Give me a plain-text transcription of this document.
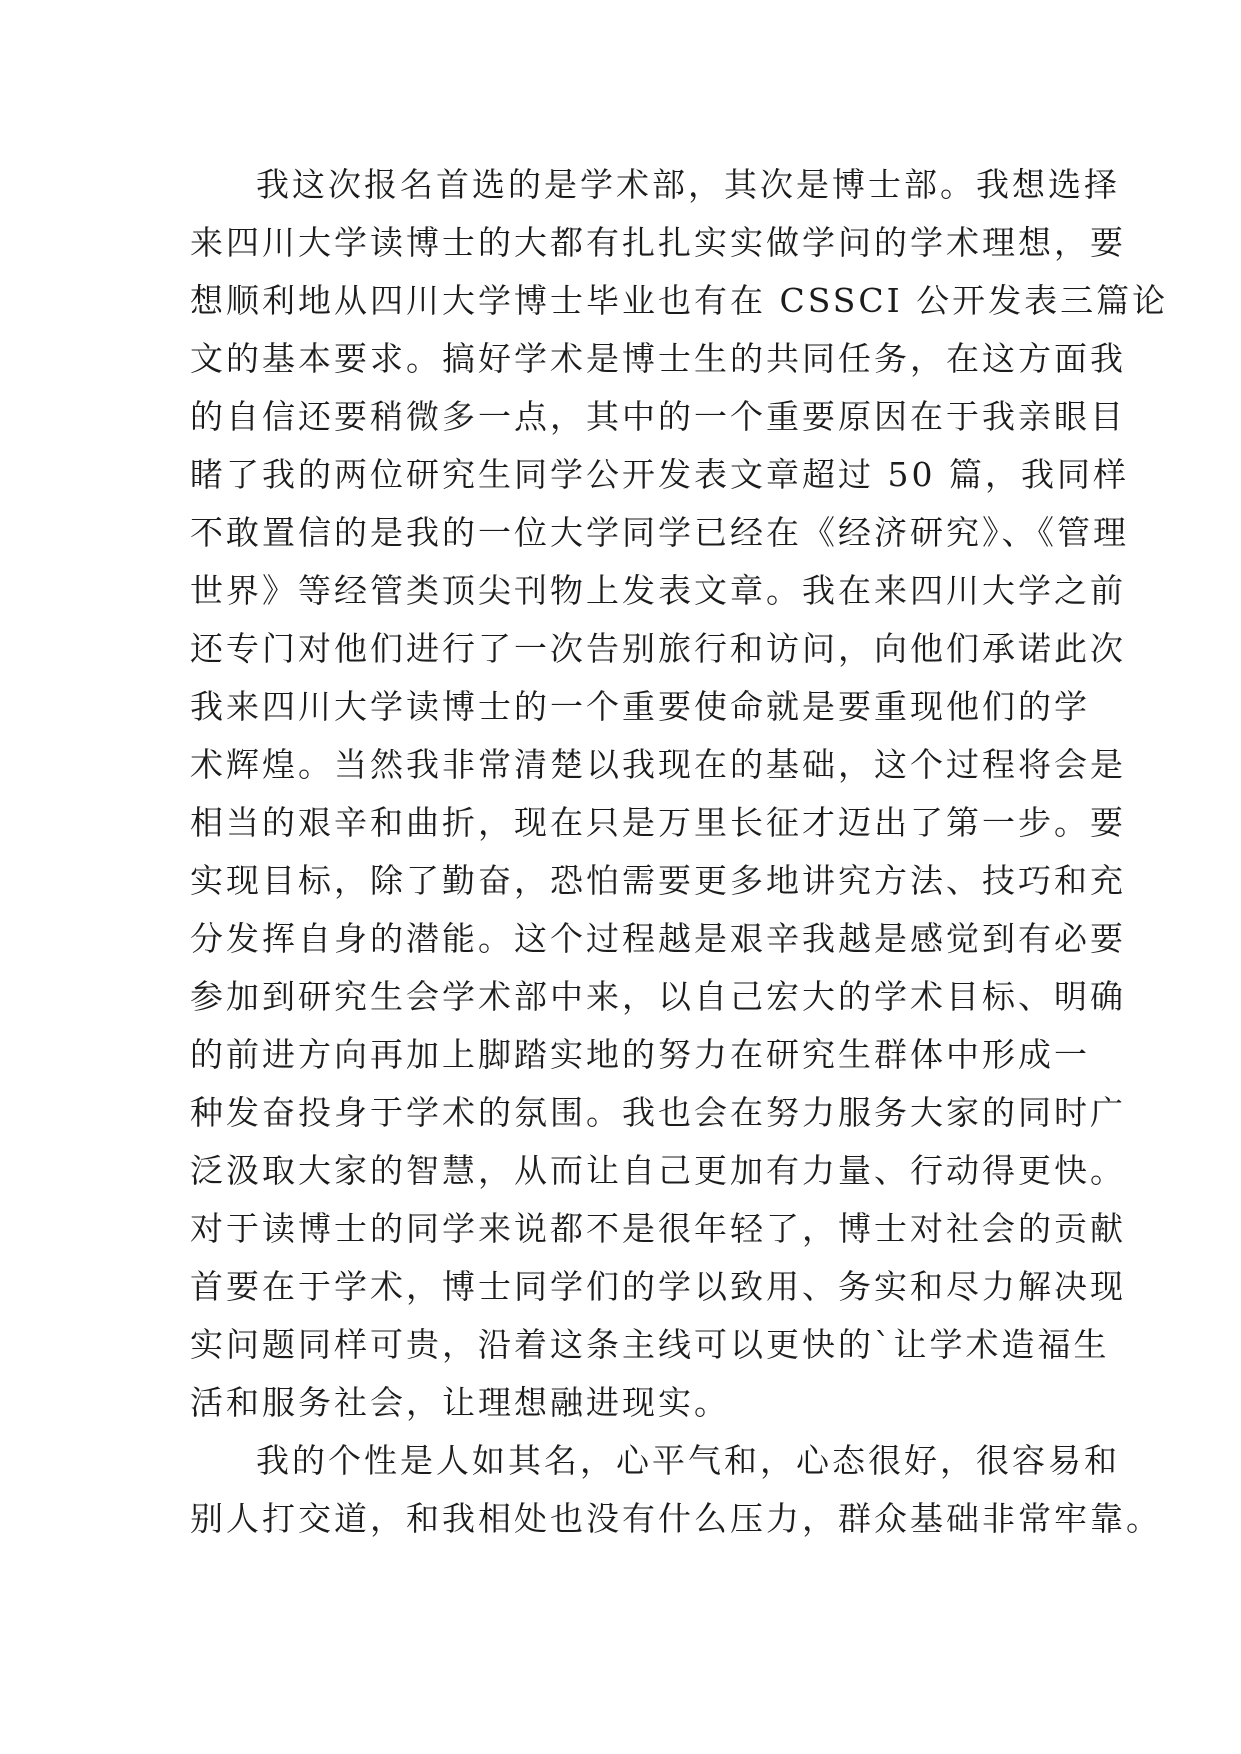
我这次报名首选的是学术部，其次是博士部。我想选择
来四川大学读博士的大都有扎扎实实做学问的学术理想，要
想顺利地从四川大学博士毕业也有在 CSSCI 公开发表三篇论
文的基本要求。搞好学术是博士生的共同任务，在这方面我
的自信还要稍微多一点，其中的一个重要原因在于我亲眼目
睹了我的两位研究生同学公开发表文章超过 50 篇，我同样
不敢置信的是我的一位大学同学已经在《经济研究》、《管理
世界》等经管类顶尖刊物上发表文章。我在来四川大学之前
还专门对他们进行了一次告别旅行和访问，向他们承诺此次
我来四川大学读博士的一个重要使命就是要重现他们的学
术辉煌。当然我非常清楚以我现在的基础，这个过程将会是
相当的艰辛和曲折，现在只是万里长征才迈出了第一步。要
实现目标，除了勤奋，恐怕需要更多地讲究方法、技巧和充
分发挥自身的潜能。这个过程越是艰辛我越是感觉到有必要
参加到研究生会学术部中来，以自己宏大的学术目标、明确
的前进方向再加上脚踏实地的努力在研究生群体中形成一
种发奋投身于学术的氛围。我也会在努力服务大家的同时广
泛汲取大家的智慧，从而让自己更加有力量、行动得更快。
对于读博士的同学来说都不是很年轻了，博士对社会的贡献
首要在于学术，博士同学们的学以致用、务实和尽力解决现
实问题同样可贵，沿着这条主线可以更快的`让学术造福生
活和服务社会，让理想融进现实。
我的个性是人如其名，心平气和，心态很好，很容易和
别人打交道，和我相处也没有什么压力，群众基础非常牢靠。
